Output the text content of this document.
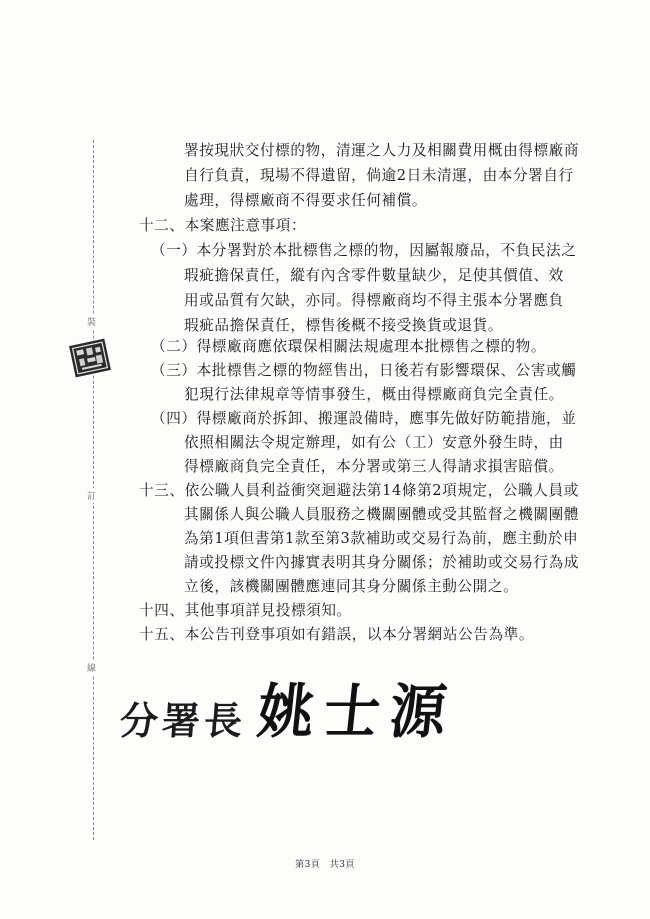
裝
訂
線
署按現狀交付標的物，清運之人力及相關費用概由得標廠商
自行負責，現場不得遺留，倘逾2日未清運，由本分署自行
處理，得標廠商不得要求任何補償。
十二、本案應注意事項：
（一）本分署對於本批標售之標的物，因屬報廢品，不負民法之
瑕疵擔保責任，縱有內含零件數量缺少，足使其價值、效
用或品質有欠缺，亦同。得標廠商均不得主張本分署應負
瑕疵品擔保責任，標售後概不接受換貨或退貨。
（二）得標廠商應依環保相關法規處理本批標售之標的物。
（三）本批標售之標的物經售出，日後若有影響環保、公害或觸
犯現行法律規章等情事發生，概由得標廠商負完全責任。
（四）得標廠商於拆卸、搬運設備時，應事先做好防範措施，並
依照相關法令規定辦理，如有公（工）安意外發生時，由
得標廠商負完全責任，本分署或第三人得請求損害賠償。
十三、依公職人員利益衝突迴避法第14條第2項規定，公職人員或
其關係人與公職人員服務之機關團體或受其監督之機關團體
為第1項但書第1款至第3款補助或交易行為前，應主動於申
請或投標文件內據實表明其身分關係；於補助或交易行為成
立後，該機關團體應連同其身分關係主動公開之。
十四、其他事項詳見投標須知。
十五、本公告刊登事項如有錯誤，以本分署網站公告為準。
分署長 姚士源
第3頁 共3頁
